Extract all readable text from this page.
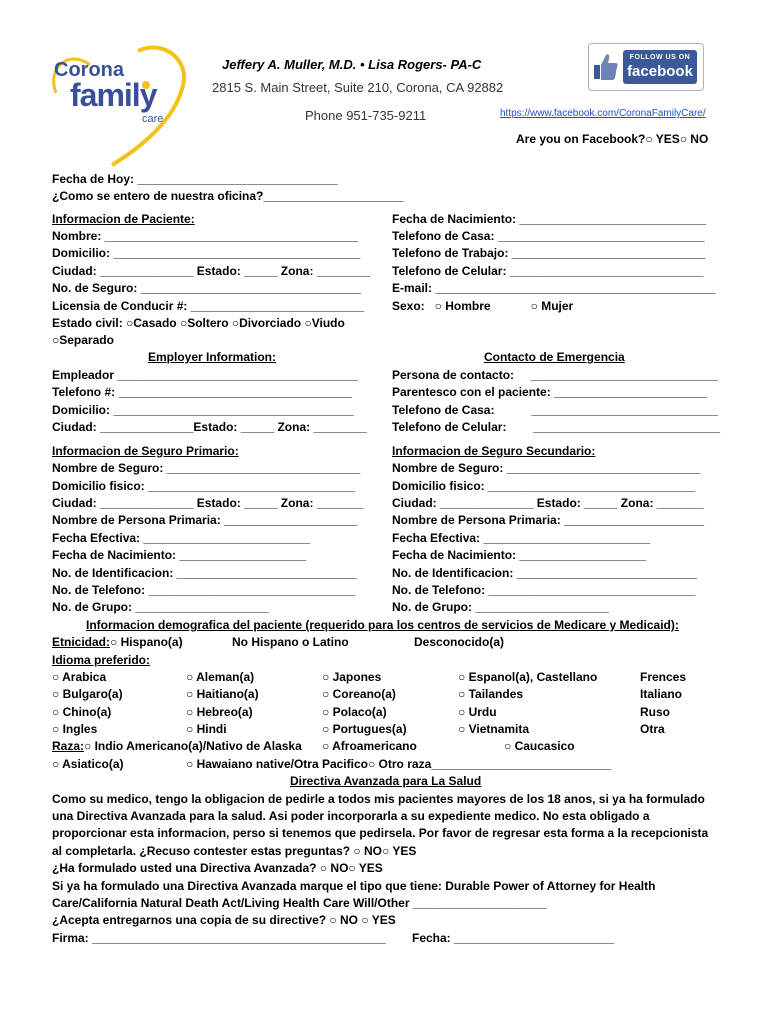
Corona
family
care
Jeffery A. Muller, M.D. • Lisa Rogers- PA-C
2815 S. Main Street, Suite 210, Corona, CA 92882
Phone 951-735-9211	https://www.facebook.com/CoronaFamilyCare/
Are you on Facebook?○ YES○ NO
FOLLOW US ON
facebook
Fecha de Hoy: ______________________________
¿Como se entero de nuestra oficina?_____________________
Informacion de Paciente:
Nombre: ______________________________________
Domicilio: _____________________________________
Ciudad: ______________ Estado: _____ Zona: ________
No. de Seguro: _________________________________
Licensia de Conducir #: __________________________
Estado civil: ○Casado ○Soltero ○Divorciado ○Viudo
○Separado
Fecha de Nacimiento: ____________________________
Telefono de Casa: _______________________________
Telefono de Trabajo: _____________________________
Telefono de Celular: _____________________________
E-mail: __________________________________________
Sexo:   ○ Hombre            ○ Mujer
Employer Information:
Empleador ____________________________________
Telefono #: ___________________________________
Domicilio: ____________________________________
Ciudad: ______________Estado: _____ Zona: ________
Contacto de Emergencia
Persona de contacto:     ____________________________
Parentesco con el paciente: _______________________
Telefono de Casa:           ____________________________
Telefono de Celular:        ____________________________
Informacion de Seguro Primario:
Nombre de Seguro: _____________________________
Domicilio fisico: _______________________________
Ciudad: ______________ Estado: _____ Zona: _______
Nombre de Persona Primaria: ____________________
Fecha Efectiva: _________________________
Fecha de Nacimiento: ___________________
No. de Identificacion: ___________________________
No. de Telefono: _______________________________
No. de Grupo: ____________________
Informacion de Seguro Secundario:
Nombre de Seguro: _____________________________
Domicilio fisico: _______________________________
Ciudad: ______________ Estado: _____ Zona: _______
Nombre de Persona Primaria: _____________________
Fecha Efectiva: _________________________
Fecha de Nacimiento: ___________________
No. de Identificacion: ___________________________
No. de Telefono: _______________________________
No. de Grupo: ____________________
Informacion demografica del paciente (requerido para los centros de servicios de Medicare y Medicaid):
Etnicidad:○ Hispano(a)	No Hispano o Latino	Desconocido(a)
Idioma preferido:
○ Arabica	○ Aleman(a)	○ Japones	○ Espanol(a), Castellano	Frences
○ Bulgaro(a)	○ Haitiano(a)	○ Coreano(a)	○ Tailandes	Italiano
○ Chino(a)	○ Hebreo(a)	○ Polaco(a)	○ Urdu	Ruso
○ Ingles	○ Hindi	○ Portugues(a)	○ Vietnamita	Otra
Raza:○ Indio Americano(a)/Nativo de Alaska ○ Afroamericano	○ Caucasico
○ Asiatico(a)	○ Hawaiano native/Otra Pacifico○ Otro raza___________________________
Directiva Avanzada para La Salud
Como su medico, tengo la obligacion de pedirle a todos mis pacientes mayores de los 18 anos, si ya ha formulado
una Directiva Avanzada para la salud. Asi poder incorporarla a su expediente medico. No esta obligado a
proporcionar esta informacion, perso si tenemos que pedirsela. Por favor de regresar esta forma a la recepcionista
al completarla. ¿Recuso contester estas preguntas? ○ NO○ YES
¿Ha formulado usted una Directiva Avanzada? ○ NO○ YES
Si ya ha formulado una Directiva Avanzada marque el tipo que tiene: Durable Power of Attorney for Health
Care/California Natural Death Act/Living Health Care Will/Other ____________________
¿Acepta entregarnos una copia de su directive? ○ NO ○ YES
Firma: ____________________________________________ Fecha: ________________________
